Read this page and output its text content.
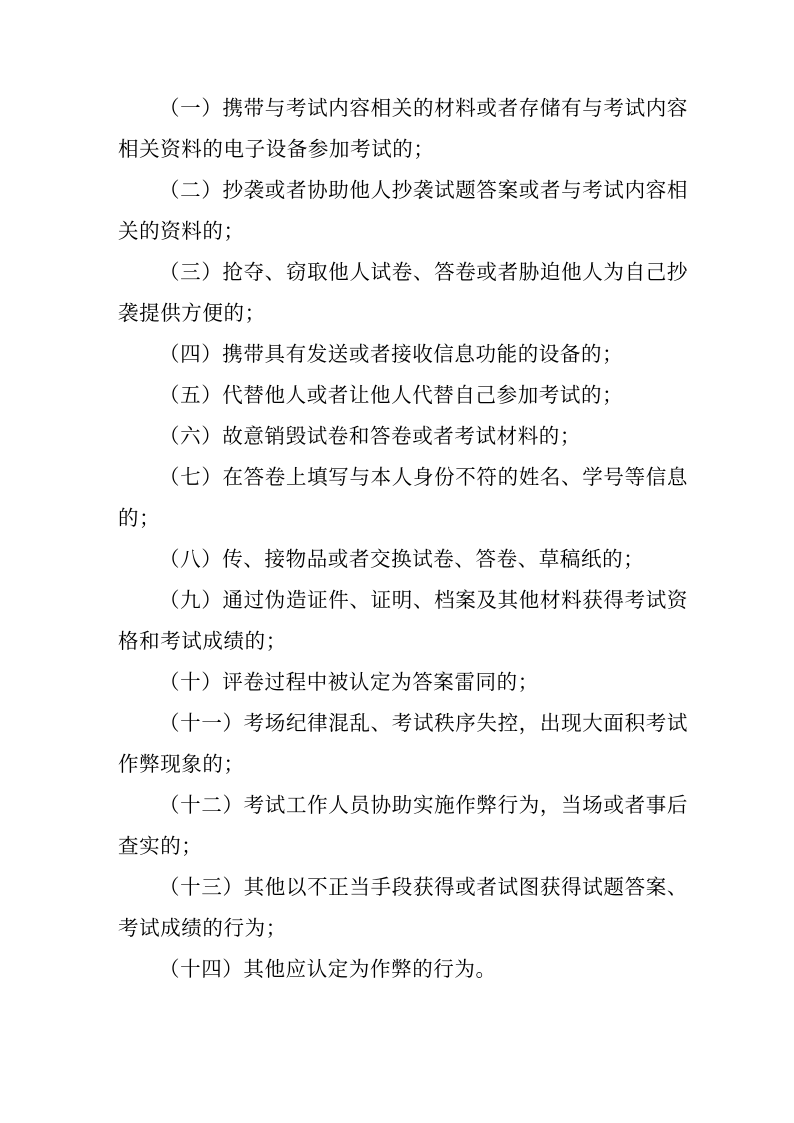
（一）携带与考试内容相关的材料或者存储有与考试内容相关资料的电子设备参加考试的；

（二）抄袭或者协助他人抄袭试题答案或者与考试内容相关的资料的；

（三）抢夺、窃取他人试卷、答卷或者胁迫他人为自己抄袭提供方便的；

（四）携带具有发送或者接收信息功能的设备的；

（五）代替他人或者让他人代替自己参加考试的；

（六）故意销毁试卷和答卷或者考试材料的；

（七）在答卷上填写与本人身份不符的姓名、学号等信息的；

（八）传、接物品或者交换试卷、答卷、草稿纸的；

（九）通过伪造证件、证明、档案及其他材料获得考试资格和考试成绩的；

（十）评卷过程中被认定为答案雷同的；

（十一）考场纪律混乱、考试秩序失控，出现大面积考试作弊现象的；

（十二）考试工作人员协助实施作弊行为，当场或者事后查实的；

（十三）其他以不正当手段获得或者试图获得试题答案、考试成绩的行为；

（十四）其他应认定为作弊的行为。
